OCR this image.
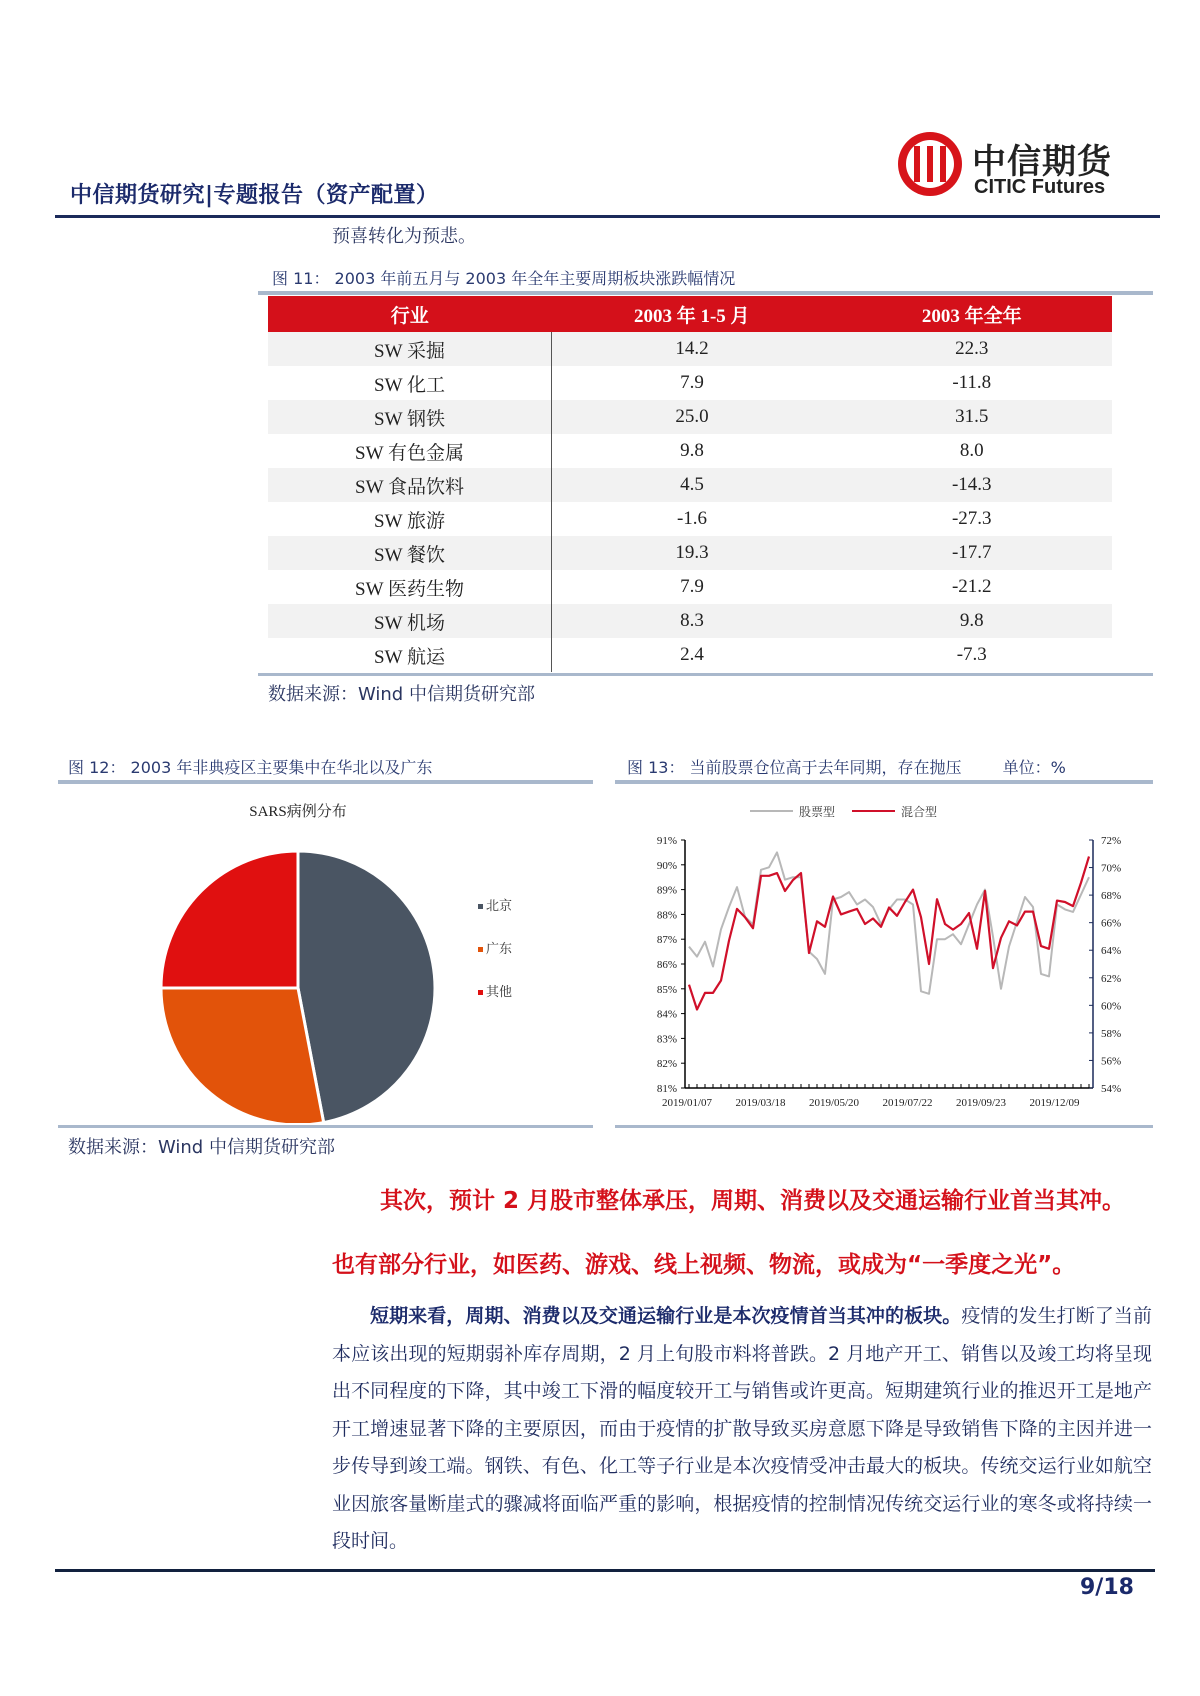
中信期货研究|专题报告（资产配置）
中信期货
CITIC Futures
预喜转化为预悲。
图 11： 2003 年前五月与 2003 年全年主要周期板块涨跌幅情况
行业	2003 年 1-5 月	2003 年全年
SW 采掘	14.2	22.3
SW 化工	7.9	-11.8
SW 钢铁	25.0	31.5
SW 有色金属	9.8	8.0
SW 食品饮料	4.5	-14.3
SW 旅游	-1.6	-27.3
SW 餐饮	19.3	-17.7
SW 医药生物	7.9	-21.2
SW 机场	8.3	9.8
SW 航运	2.4	-7.3
数据来源：Wind 中信期货研究部
图 12： 2003 年非典疫区主要集中在华北以及广东	图 13： 当前股票仓位高于去年同期，存在抛压	单位：%
SARS病例分布
北京
广东
其他
股票型	混合型
81%
82%
83%
84%
85%
86%
87%
88%
89%
90%
91%
54%
56%
58%
60%
62%
64%
66%
68%
70%
72%
2019/01/07 2019/03/18 2019/05/20 2019/07/22 2019/09/23 2019/12/09
数据来源：Wind 中信期货研究部
其次，预计 2 月股市整体承压，周期、消费以及交通运输行业首当其冲。
也有部分行业，如医药、游戏、线上视频、物流，或成为“一季度之光”。
短期来看，周期、消费以及交通运输行业是本次疫情首当其冲的板块。疫情的发生打断了当前本应该出现的短期弱补库存周期，2 月上旬股市料将普跌。2 月地产开工、销售以及竣工均将呈现出不同程度的下降，其中竣工下滑的幅度较开工与销售或许更高。短期建筑行业的推迟开工是地产开工增速显著下降的主要原因，而由于疫情的扩散导致买房意愿下降是导致销售下降的主因并进一步传导到竣工端。钢铁、有色、化工等子行业是本次疫情受冲击最大的板块。传统交运行业如航空业因旅客量断崖式的骤减将面临严重的影响，根据疫情的控制情况传统交运行业的寒冬或将持续一段时间。
9/18
